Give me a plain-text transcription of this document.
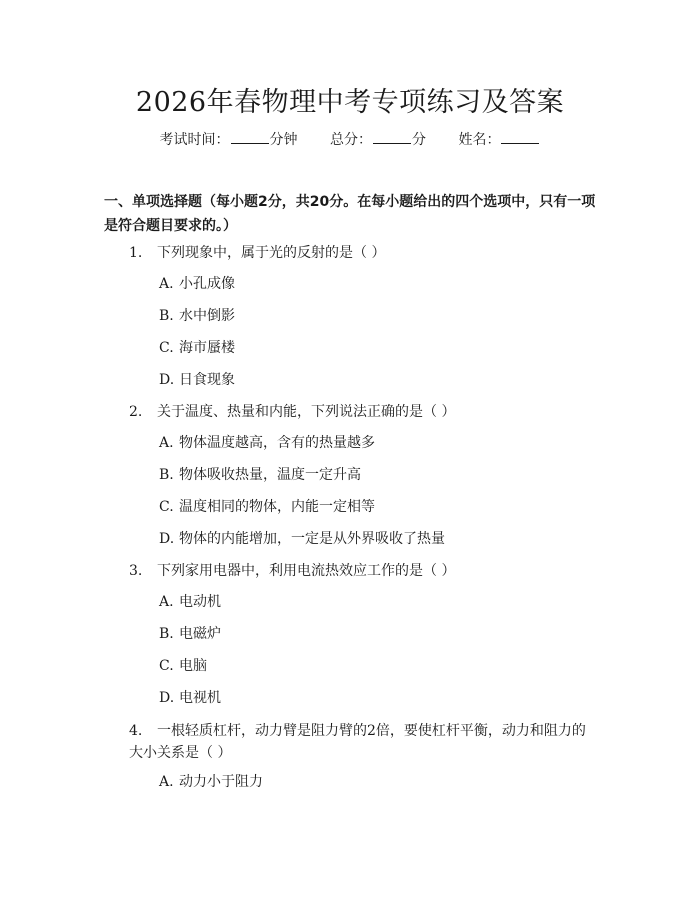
2026年春物理中考专项练习及答案
考试时间：	分钟 总分：	分 姓名：
一、单项选择题（每小题2分，共20分。在每小题给出的四个选项中，只有一项是符合题目要求的。）
1. 下列现象中，属于光的反射的是（ ）
A. 小孔成像
B. 水中倒影
C. 海市蜃楼
D. 日食现象
2. 关于温度、热量和内能，下列说法正确的是（ ）
A. 物体温度越高，含有的热量越多
B. 物体吸收热量，温度一定升高
C. 温度相同的物体，内能一定相等
D. 物体的内能增加，一定是从外界吸收了热量
3. 下列家用电器中，利用电流热效应工作的是（ ）
A. 电动机
B. 电磁炉
C. 电脑
D. 电视机
4. 一根轻质杠杆，动力臂是阻力臂的2倍，要使杠杆平衡，动力和阻力的大小关系是（ ）
A. 动力小于阻力
